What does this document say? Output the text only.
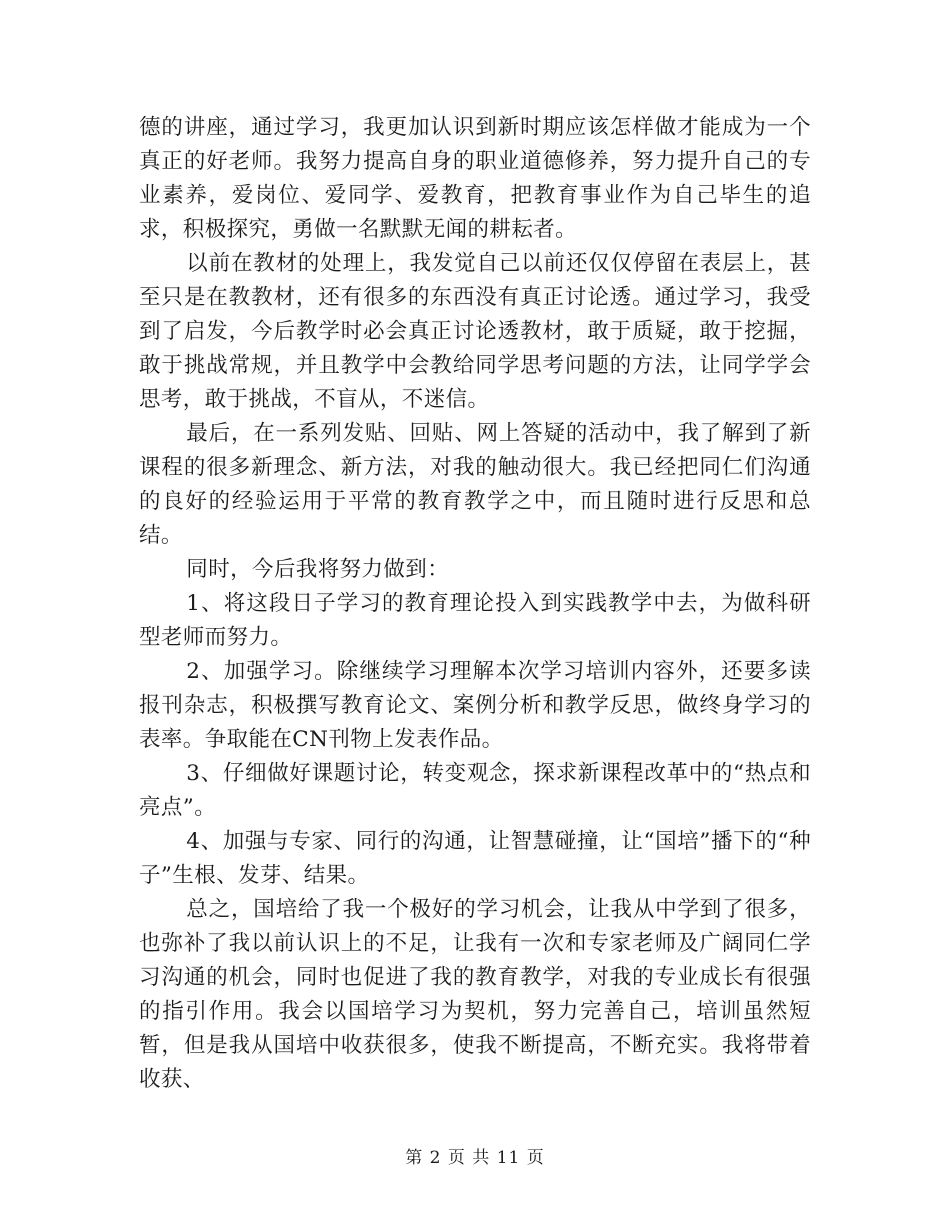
德的讲座，通过学习，我更加认识到新时期应该怎样做才能成为一个真正的好老师。我努力提高自身的职业道德修养，努力提升自己的专业素养，爱岗位、爱同学、爱教育，把教育事业作为自己毕生的追求，积极探究，勇做一名默默无闻的耕耘者。

以前在教材的处理上，我发觉自己以前还仅仅停留在表层上，甚至只是在教教材，还有很多的东西没有真正讨论透。通过学习，我受到了启发，今后教学时必会真正讨论透教材，敢于质疑，敢于挖掘，敢于挑战常规，并且教学中会教给同学思考问题的方法，让同学学会思考，敢于挑战，不盲从，不迷信。

最后，在一系列发贴、回贴、网上答疑的活动中，我了解到了新课程的很多新理念、新方法，对我的触动很大。我已经把同仁们沟通的良好的经验运用于平常的教育教学之中，而且随时进行反思和总结。

同时，今后我将努力做到：

1、将这段日子学习的教育理论投入到实践教学中去，为做科研型老师而努力。

2、加强学习。除继续学习理解本次学习培训内容外，还要多读报刊杂志，积极撰写教育论文、案例分析和教学反思，做终身学习的表率。争取能在CN刊物上发表作品。

3、仔细做好课题讨论，转变观念，探求新课程改革中的“热点和亮点”。

4、加强与专家、同行的沟通，让智慧碰撞，让“国培”播下的“种子”生根、发芽、结果。

总之，国培给了我一个极好的学习机会，让我从中学到了很多，也弥补了我以前认识上的不足，让我有一次和专家老师及广阔同仁学习沟通的机会，同时也促进了我的教育教学，对我的专业成长有很强的指引作用。我会以国培学习为契机，努力完善自己，培训虽然短暂，但是我从国培中收获很多，使我不断提高，不断充实。我将带着收获、

第 2 页 共 11 页
